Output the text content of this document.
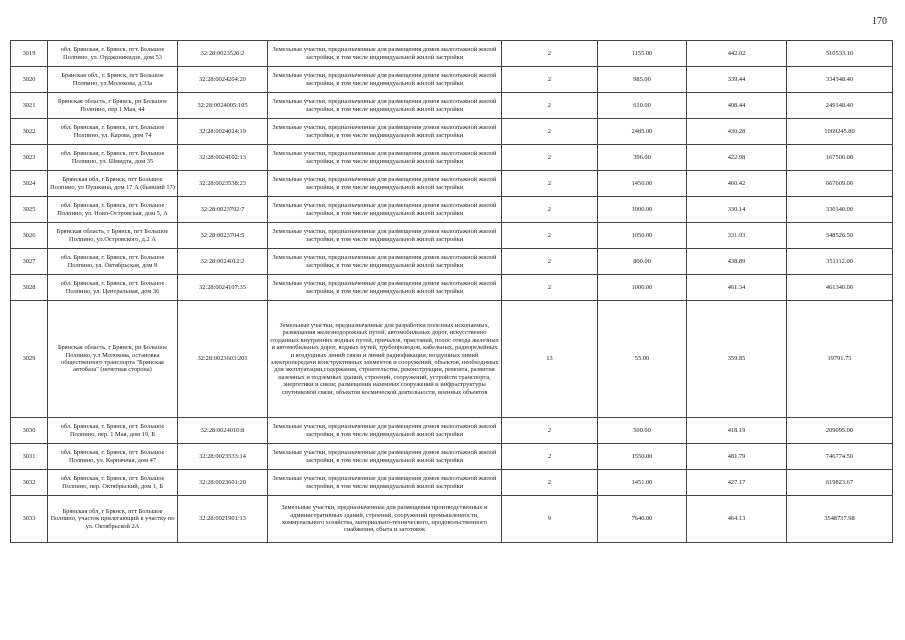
170
3019	обл. Брянская, г. Брянск, пгт. Большое Полпино, ул. Орджоникидзе, дом 53	32:28:0023520:2	Земельные участки, предназначенные для размещения домов малоэтажной жилой застройки, в том числе индивидуальной жилой застройки	2	1155.00	442.02	510533.10
3020	Брянская обл., г. Брянск, пгт Большое Полпино, ул.Молокова, д.33а	32:28:0024204:20	Земельные участки, предназначенные для размещения домов малоэтажной жилой застройки, в том числе индивидуальной жилой застройки	2	985.00	339.44	334348.40
3021	Брянская область, г Брянск, рп Большое Полпино, пер 1 Мая, 44	32:28:0024005:105	Земельные участки, предназначенные для размещения домов малоэтажной жилой застройки, в том числе индивидуальной жилой застройки	2	610.00	408.44	249148.40
3022	обл. Брянская, г. Брянск, пгт. Большое Полпино, ул. Карова, дом 74	32:28:0024024:19	Земельные участки, предназначенные для размещения домов малоэтажной жилой застройки, в том числе индивидуальной жилой застройки	2	2485.00	430.28	1069245.80
3023	обл. Брянская, г. Брянск, пгт. Большое Полпино, ул. Шмидта, дом 35	32:28:0024102:13	Земельные участки, предназначенные для размещения домов малоэтажной жилой застройки, в том числе индивидуальной жилой застройки	2	396.00	422.98	167500.08
3024	Брянская обл, г Брянск, пгт Большое Полпино, ул Пушкина, дом 17 А (бывший 17)	32:28:0023538:23	Земельные участки, предназначенные для размещения домов малоэтажной жилой застройки, в том числе индивидуальной жилой застройки	2	1450.00	460.42	667609.00
3025	обл. Брянская, г. Брянск, пгт. Большое Полпино, ул. Ново-Островская, дом 5, А	32:28:0023702:7	Земельные участки, предназначенные для размещения домов малоэтажной жилой застройки, в том числе индивидуальной жилой застройки	2	1000.00	330.14	330140.00
3026	Брянская область, г Брянск, пгт Большое Полпино, ул.Островского, д.2 А	32:28:0023704:5	Земельные участки, предназначенные для размещения домов малоэтажной жилой застройки, в том числе индивидуальной жилой застройки	2	1050.00	331.93	348526.50
3027	обл. Брянская, г. Брянск, пгт. Большое Полпино, ул. Октябрьская, дом 8	32:28:0024012:2	Земельные участки, предназначенные для размещения домов малоэтажной жилой застройки, в том числе индивидуальной жилой застройки	2	800.00	438.89	351112.00
3028	обл. Брянская, г. Брянск, пгт. Большое Полпино, ул. Центральная, дом 36	32:28:0024107:35	Земельные участки, предназначенные для размещения домов малоэтажной жилой застройки, в том числе индивидуальной жилой застройки	2	1000.00	461.34	461340.00
3029	Брянская область, г Брянск, рп Большое Полпино, у.л Молокова, остановка общественного транспорта "Брянская автобаза" (нечетная сторона)	32:28:0023603:201	Земельные участки, предназначенные для разработки полезных ископаемых, размещения железнодорожных путей, автомобильных дорог, искусственно созданных внутренних водных путей, причалов, пристаней, полос отвода железных и автомобильных дорог, водных путей, трубопроводов, кабельных, радиорелейных и воздушных линий связи и линий радиофикации, воздушных линий электропередачи конструктивных элементов и сооружений, объектов, необходимых для эксплуатации,содержания, строительства, реконструкции, ремонта, развития наземных и подземных зданий, строений, сооружений, устройств транспорта, энергетики и связи; размещения наземных сооружений и инфраструктуры спутниковой связи, объектов космической деятельности, военных объектов	13	55.00	359.85	19791.75
3030	обл. Брянская, г. Брянск, пгт. Большое Полпино, пер. 1 Мая, дом 19, Б	32:28:0024010:8	Земельные участки, предназначенные для размещения домов малоэтажной жилой застройки, в том числе индивидуальной жилой застройки	2	500.00	418.19	209095.00
3031	обл. Брянская, г. Брянск, пгт. Большое Полпино, ул. Карпачная, дом 47	32:28:0023533:14	Земельные участки, предназначенные для размещения домов малоэтажной жилой застройки, в том числе индивидуальной жилой застройки	2	1550.00	481.79	746774.50
3032	обл. Брянская, г. Брянск, пгт. Большое Полпино, пер. Октябрьский, дом 1, Б	32:28:0023601:20	Земельные участки, предназначенные для размещения домов малоэтажной жилой застройки, в том числе индивидуальной жилой застройки	2	1451.00	427.17	619823.67
3033	Брянская обл, г Брянск, пгт Большое Полпино, участок прилегающий к участку по ул. Октябрьской 2А	32:28:0021901:13	Земельные участки, предназначенные для размещения производственных и административных зданий, строений, сооружений промышленности, коммунального хозяйства, материально-технического, продовольственного снабжения, сбыта и заготовок	9	7646.00	464.13	3548737.98
